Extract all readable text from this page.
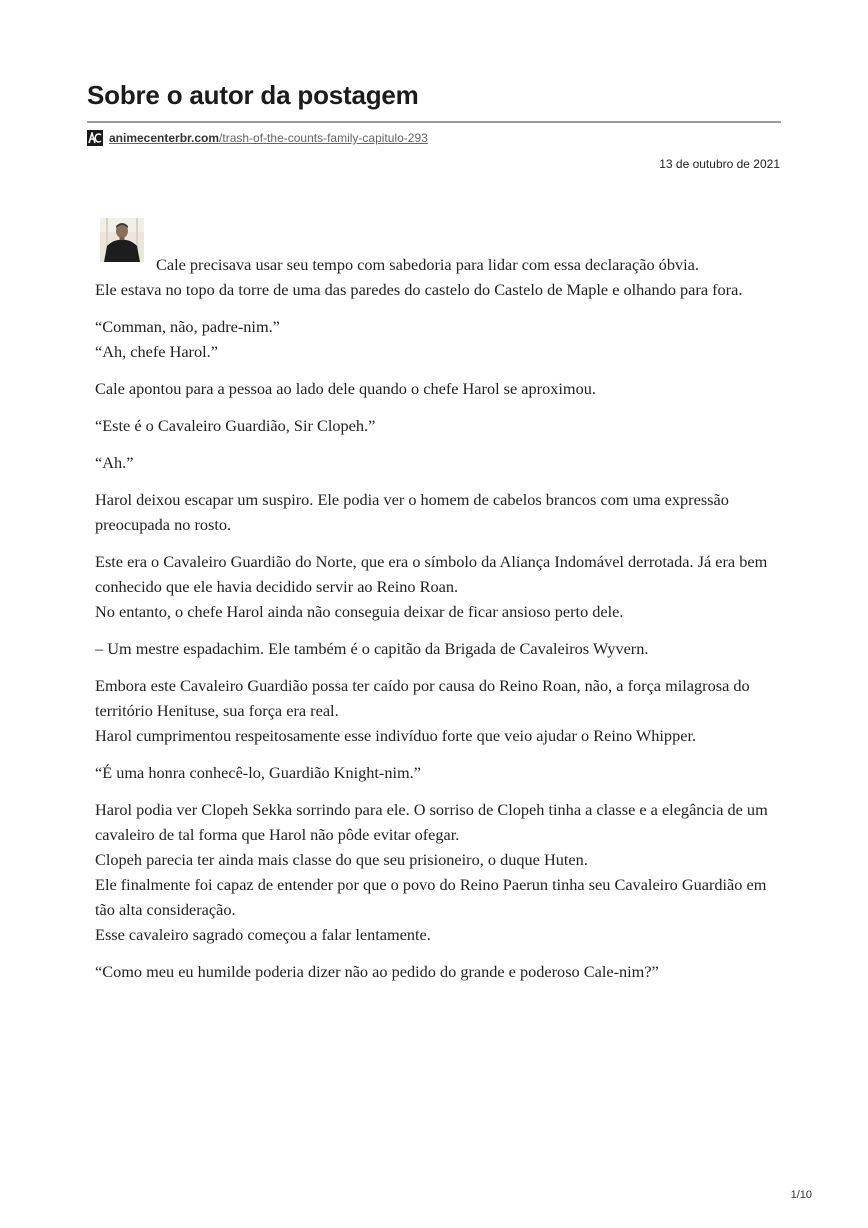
Sobre o autor da postagem
animecenterbr.com/trash-of-the-counts-family-capitulo-293
13 de outubro de 2021

Cale precisava usar seu tempo com sabedoria para lidar com essa declaração óbvia.
Ele estava no topo da torre de uma das paredes do castelo do Castelo de Maple e olhando para fora.

“Comman, não, padre-nim.”
“Ah, chefe Harol.”

Cale apontou para a pessoa ao lado dele quando o chefe Harol se aproximou.

“Este é o Cavaleiro Guardião, Sir Clopeh.”

“Ah.”

Harol deixou escapar um suspiro. Ele podia ver o homem de cabelos brancos com uma expressão preocupada no rosto.

Este era o Cavaleiro Guardião do Norte, que era o símbolo da Aliança Indomável derrotada. Já era bem conhecido que ele havia decidido servir ao Reino Roan.
No entanto, o chefe Harol ainda não conseguia deixar de ficar ansioso perto dele.

– Um mestre espadachim. Ele também é o capitão da Brigada de Cavaleiros Wyvern.

Embora este Cavaleiro Guardião possa ter caído por causa do Reino Roan, não, a força milagrosa do território Henituse, sua força era real.
Harol cumprimentou respeitosamente esse indivíduo forte que veio ajudar o Reino Whipper.

“É uma honra conhecê-lo, Guardião Knight-nim.”

Harol podia ver Clopeh Sekka sorrindo para ele. O sorriso de Clopeh tinha a classe e a elegância de um cavaleiro de tal forma que Harol não pôde evitar ofegar.
Clopeh parecia ter ainda mais classe do que seu prisioneiro, o duque Huten.
Ele finalmente foi capaz de entender por que o povo do Reino Paerun tinha seu Cavaleiro Guardião em tão alta consideração.
Esse cavaleiro sagrado começou a falar lentamente.

“Como meu eu humilde poderia dizer não ao pedido do grande e poderoso Cale-nim?”

1/10
